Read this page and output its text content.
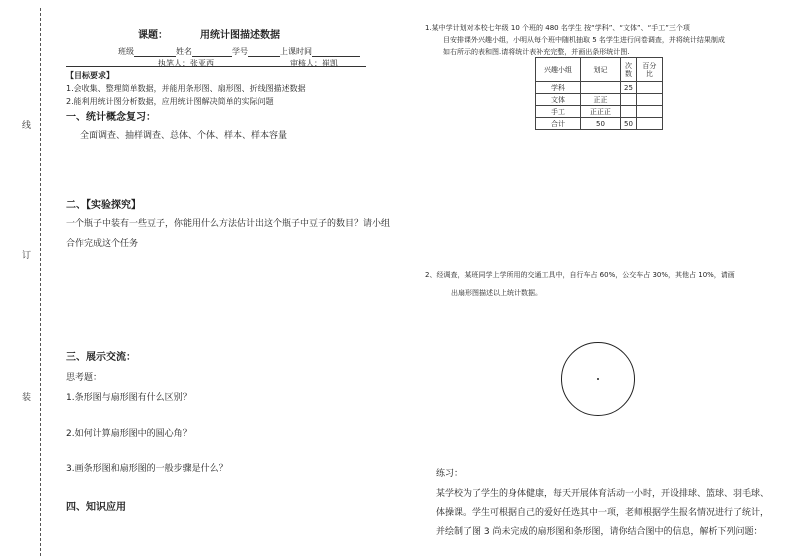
线
订
装
课题：	用统计图描述数据
班级	姓名	学号	上课时间
执笔人：张亚西	审核人：崔凯
【目标要求】
1.会收集、整理简单数据，并能用条形图、扇形图、折线图描述数据
2.能利用统计图分析数据，应用统计图解决简单的实际问题
一、统计概念复习：
全面调查、抽样调查、总体、个体、样本、样本容量
二、【实验探究】
一个瓶子中装有一些豆子，你能用什么方法估计出这个瓶子中豆子的数目？请小组
合作完成这个任务
三、展示交流：
思考题：
1.条形图与扇形图有什么区别？
2.如何计算扇形图中的圆心角？
3.画条形图和扇形图的一般步骤是什么？
四、知识应用
1.某中学计划对本校七年级 10 个班的 480 名学生 按“学科”、“文体”、“手工”三个项
目安排课外兴趣小组，小明从每个班中随机抽取 5 名学生进行问卷调查，并将统计结果制成
如右所示的表和图.请将统计表补充完整，并画出条形统计图.
兴趣小组	划记	次数	百分比
学科		25	
文体	正正		
手工	正正正		
合计	50	50	
2、经调查，某班同学上学所用的交通工具中，自行车占 60%，公交车占 30%，其他占 10%，请画
出扇形图描述以上统计数据。
练习：
某学校为了学生的身体健康，每天开展体育活动一小时，开设排球、篮球、羽毛球、
体操课。学生可根据自己的爱好任选其中一项，老师根据学生报名情况进行了统计，
并绘制了图 3 尚未完成的扇形图和条形图，请你结合图中的信息，解析下列问题：
